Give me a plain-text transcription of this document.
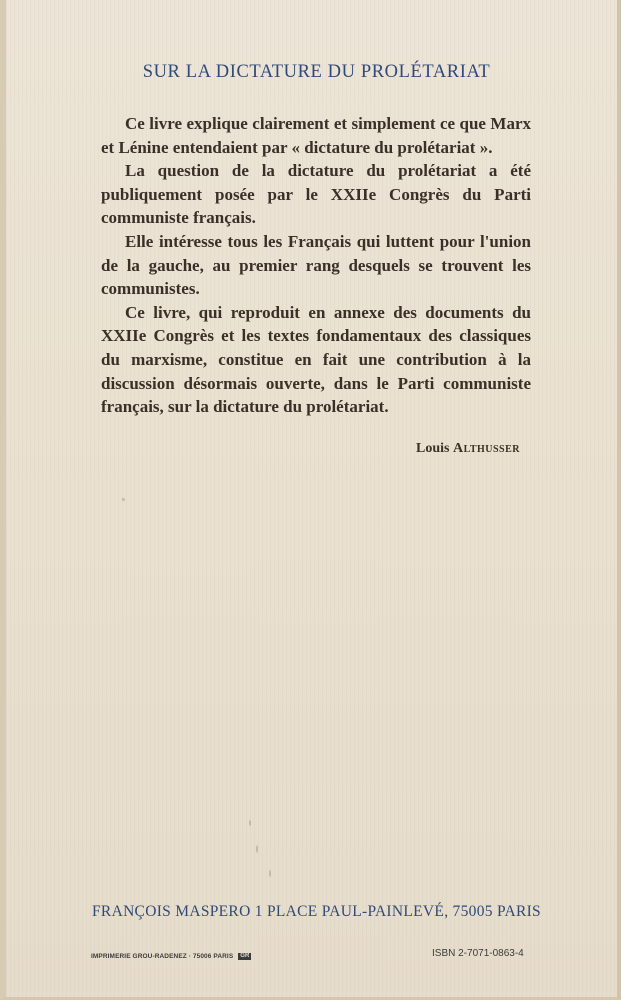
SUR LA DICTATURE DU PROLÉTARIAT

Ce livre explique clairement et simplement ce que Marx et Lénine entendaient par « dictature du prolétariat ».

La question de la dictature du prolétariat a été publiquement posée par le XXIIe Congrès du Parti communiste français.

Elle intéresse tous les Français qui luttent pour l'union de la gauche, au premier rang desquels se trouvent les communistes.

Ce livre, qui reproduit en annexe des documents du XXIIe Congrès et les textes fondamentaux des classiques du marxisme, constitue en fait une contribution à la discussion désormais ouverte, dans le Parti communiste français, sur la dictature du prolétariat.

Louis Althusser
FRANÇOIS MASPERO 1 PLACE PAUL-PAINLEVÉ, 75005 PARIS
IMPRIMERIE GROU-RADENEZ · 75006 PARIS GR	ISBN 2-7071-0863-4
